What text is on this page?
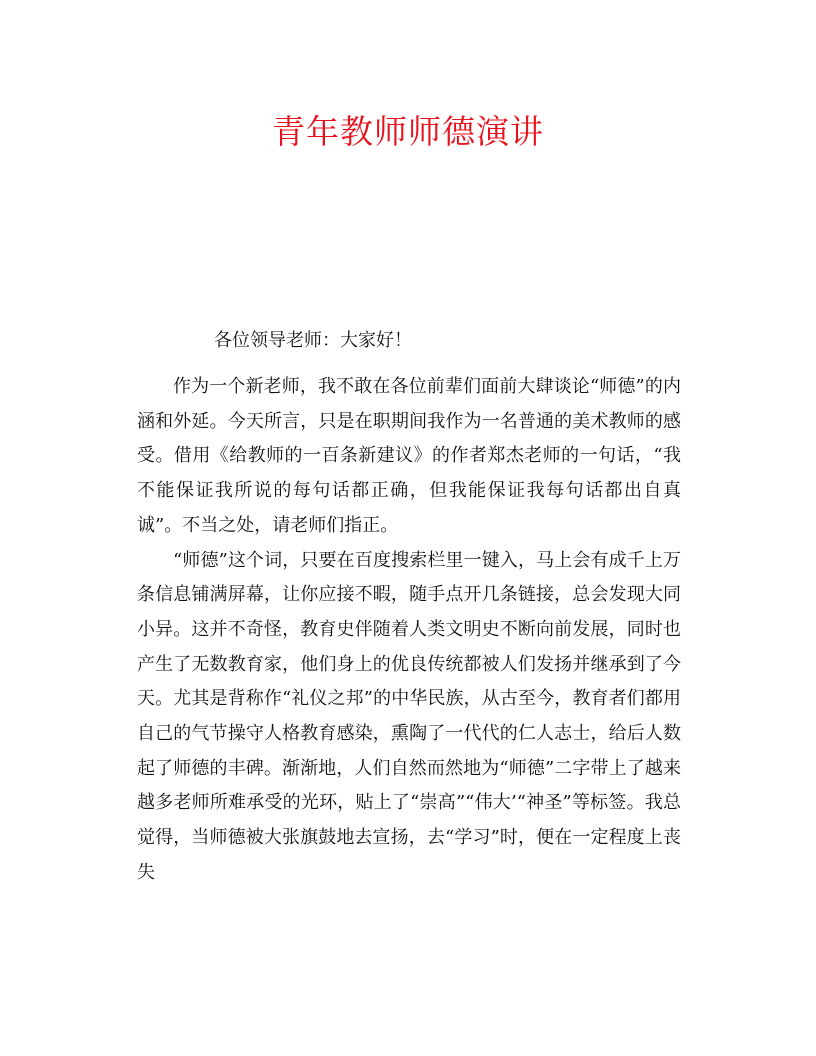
青年教师师德演讲

各位领导老师：大家好！

作为一个新老师，我不敢在各位前辈们面前大肆谈论“师德”的内涵和外延。今天所言，只是在职期间我作为一名普通的美术教师的感受。借用《给教师的一百条新建议》的作者郑杰老师的一句话，“我不能保证我所说的每句话都正确，但我能保证我每句话都出自真诚”。不当之处，请老师们指正。

“师德”这个词，只要在百度搜索栏里一键入，马上会有成千上万条信息铺满屏幕，让你应接不暇，随手点开几条链接，总会发现大同小异。这并不奇怪，教育史伴随着人类文明史不断向前发展，同时也产生了无数教育家，他们身上的优良传统都被人们发扬并继承到了今天。尤其是背称作“礼仪之邦”的中华民族，从古至今，教育者们都用自己的气节操守人格教育感染，熏陶了一代代的仁人志士，给后人数起了师德的丰碑。渐渐地，人们自然而然地为“师德”二字带上了越来越多老师所难承受的光环，贴上了“崇高”“伟大’“神圣”等标签。我总觉得，当师德被大张旗鼓地去宣扬，去“学习”时，便在一定程度上丧失
